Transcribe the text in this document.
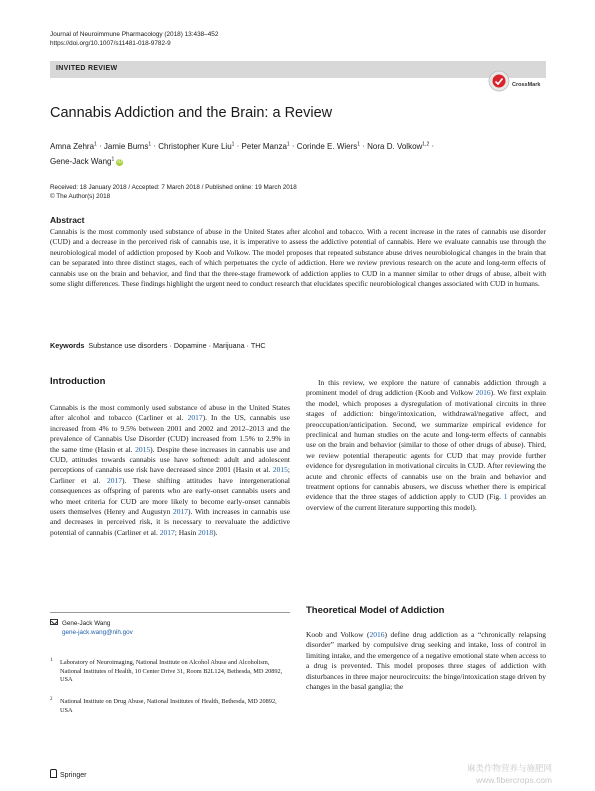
Journal of Neuroimmune Pharmacology (2018) 13:438–452
https://doi.org/10.1007/s11481-018-9782-9
INVITED REVIEW
CrossMark
Cannabis Addiction and the Brain: a Review
Amna Zehra$^1$ · Jamie Burns$^1$ · Christopher Kure Liu$^1$ · Peter Manza$^1$ · Corinde E. Wiers$^1$ · Nora D. Volkow$^{1,2}$ ·
Gene-Jack Wang$^1$ iD
Received: 18 January 2018 / Accepted: 7 March 2018 / Published online: 19 March 2018
© The Author(s) 2018
Abstract

Cannabis is the most commonly used substance of abuse in the United States after alcohol and tobacco. With a recent increase in the rates of cannabis use disorder (CUD) and a decrease in the perceived risk of cannabis use, it is imperative to assess the addictive potential of cannabis. Here we evaluate cannabis use through the neurobiological model of addiction proposed by Koob and Volkow. The model proposes that repeated substance abuse drives neurobiological changes in the brain that can be separated into three distinct stages, each of which perpetuates the cycle of addiction. Here we review previous research on the acute and long-term effects of cannabis use on the brain and behavior, and find that the three-stage framework of addiction applies to CUD in a manner similar to other drugs of abuse, albeit with some slight differences. These findings highlight the urgent need to conduct research that elucidates specific neurobiological changes associated with CUD in humans.

Keywords Substance use disorders · Dopamine · Marijuana · THC
Introduction

Cannabis is the most commonly used substance of abuse in the United States after alcohol and tobacco (Carliner et al. 2017). In the US, cannabis use increased from 4% to 9.5% between 2001 and 2002 and 2012–2013 and the prevalence of Cannabis Use Disorder (CUD) increased from 1.5% to 2.9% in the same time (Hasin et al. 2015). Despite these increases in cannabis use and CUD, attitudes towards cannabis use have softened: adult and adolescent perceptions of cannabis use risk have decreased since 2001 (Hasin et al. 2015; Carliner et al. 2017). These shifting attitudes have intergenerational consequences as offspring of parents who are early-onset cannabis users and who meet criteria for CUD are more likely to become early-onset cannabis users themselves (Henry and Augustyn 2017). With increases in cannabis use and decreases in perceived risk, it is necessary to reevaluate the addictive potential of cannabis (Carliner et al. 2017; Hasin 2018).

Gene-Jack Wang
gene-jack.wang@nih.gov
1	Laboratory of Neuroimaging, National Institute on Alcohol Abuse and Alcoholism, National Institutes of Health, 10 Center Drive 31, Room B2L124, Bethesda, MD 20892, USA
2	National Institute on Drug Abuse, National Institutes of Health, Bethesda, MD 20892, USA

In this review, we explore the nature of cannabis addiction through a prominent model of drug addiction (Koob and Volkow 2016). We first explain the model, which proposes a dysregulation of motivational circuits in three stages of addiction: binge/intoxication, withdrawal/negative affect, and preoccupation/anticipation. Second, we summarize empirical evidence for preclinical and human studies on the acute and long-term effects of cannabis use on the brain and behavior (similar to those of other drugs of abuse). Third, we review potential therapeutic agents for CUD that may provide further evidence for dysregulation in motivational circuits in CUD. After reviewing the acute and chronic effects of cannabis use on the brain and behavior and treatment options for cannabis abusers, we discuss whether there is empirical evidence that the three stages of addiction apply to CUD (Fig. 1 provides an overview of the current literature supporting this model).

Theoretical Model of Addiction

Koob and Volkow (2016) define drug addiction as a “chronically relapsing disorder” marked by compulsive drug seeking and intake, loss of control in limiting intake, and the emergence of a negative emotional state when access to a drug is prevented. This model proposes three stages of addiction with disturbances in three major neurocircuits: the binge/intoxication stage driven by changes in the basal ganglia; the

Springer
麻类作物营养与施肥网
www.fibercrops.com
